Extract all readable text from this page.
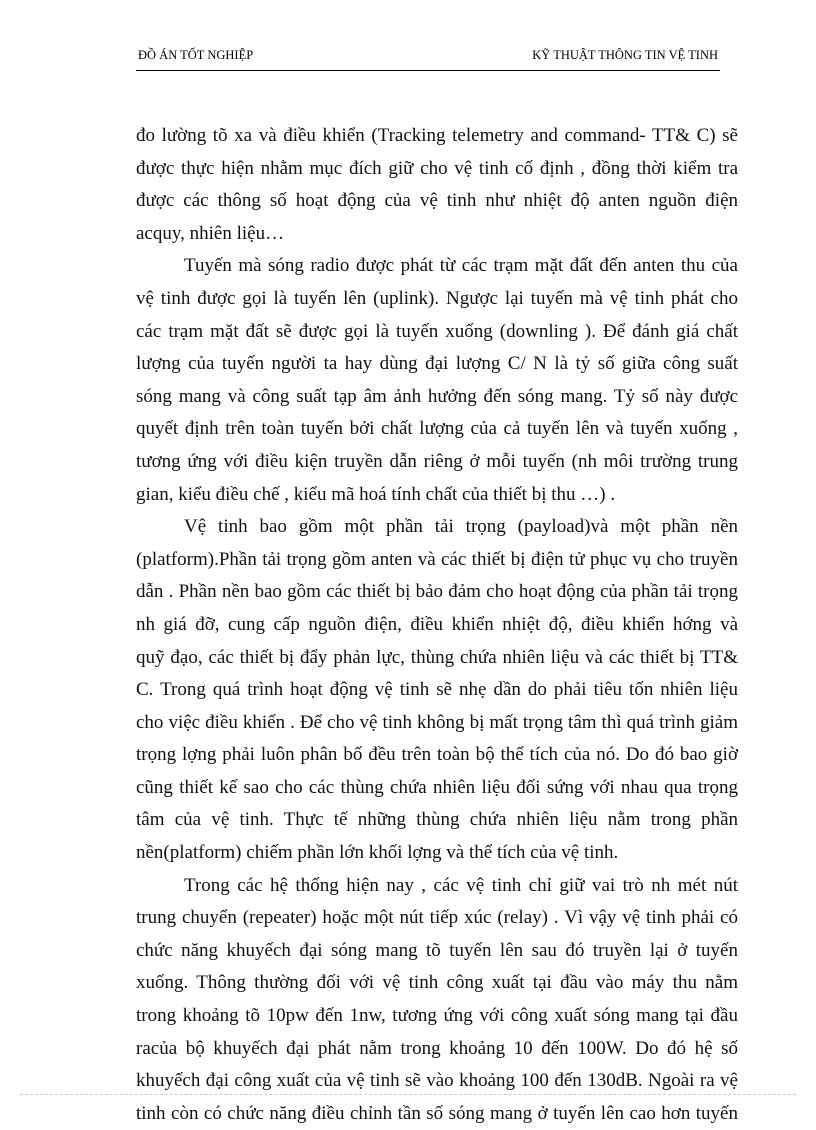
ĐỒ ÁN TỐT NGHIỆP	KỸ THUẬT THÔNG TIN VỆ TINH

đo lường tõ xa và điều khiển (Tracking telemetry and command- TT& C) sẽ

được thực hiện nhằm mục đích giữ cho vệ tinh cố định , đồng thời kiểm tra

được các thông số hoạt động của vệ tinh như nhiệt độ anten nguồn điện

acquy, nhiên liệu…

Tuyến mà sóng radio được phát từ các trạm mặt đất đến anten thu của

vệ tinh được gọi là tuyến lên (uplink). Ngược lại tuyến mà vệ tinh phát cho

các trạm mặt đất sẽ được gọi là tuyến xuống (downling ). Để đánh giá chất

lượng của tuyến người ta hay dùng đại lượng C/ N là tỷ số giữa công suất

sóng mang và công suất tạp âm ảnh hưởng đến sóng mang. Tỷ số này được

quyết định trên toàn tuyến bởi chất lượng của cả tuyến lên và tuyến xuống ,

tương ứng với điều kiện truyền dẫn riêng ở mỗi tuyến (nh môi trường trung

gian, kiểu điều chế , kiểu mã hoá tính chất của thiết bị thu …) .

Vệ tinh bao gồm một phần tải trọng (payload)và một phần nền

(platform).Phần tải trọng gồm anten và các thiết bị điện tử phục vụ cho truyền

dẫn . Phần nền bao gồm các thiết bị bảo đảm cho hoạt động của phần tải trọng

nh giá đỡ, cung cấp nguồn điện, điều khiển nhiệt độ, điều khiển hớng và

quỹ đạo, các thiết bị đẩy phản lực, thùng chứa nhiên liệu và các thiết bị TT&

C. Trong quá trình hoạt động vệ tinh sẽ nhẹ dần do phải tiêu tốn nhiên liệu

cho việc điều khiển . Để cho vệ tinh không bị mất trọng tâm thì quá trình giảm

trọng lợng phải luôn phân bố đều trên toàn bộ thể tích của nó. Do đó bao giờ

cũng thiết kế sao cho các thùng chứa nhiên liệu đối sứng với nhau qua trọng

tâm của vệ tinh. Thực tế những thùng chứa nhiên liệu nằm trong phần

nền(platform) chiếm phần lớn khối lợng và thể tích của vệ tinh.

Trong các hệ thống hiện nay , các vệ tinh chỉ giữ vai trò nh mét nút

trung chuyển (repeater) hoặc một nút tiếp xúc (relay) . Vì vậy vệ tinh phải có

chức năng khuyếch đại sóng mang tõ tuyến lên sau đó truyền lại ở tuyến

xuống. Thông thường đối với vệ tinh công xuất tại đầu vào máy thu nằm

trong khoảng tõ 10pw đến 1nw, tương ứng với công xuất sóng mang tại đầu

racủa bộ khuyếch đại phát nằm trong khoảng 10 đến 100W. Do đó hệ số

khuyếch đại công xuất của vệ tinh sẽ vào khoảng 100 đến 130dB. Ngoài ra vệ

tinh còn có chức năng điều chỉnh tần số sóng mang ở tuyến lên cao hơn tuyến
